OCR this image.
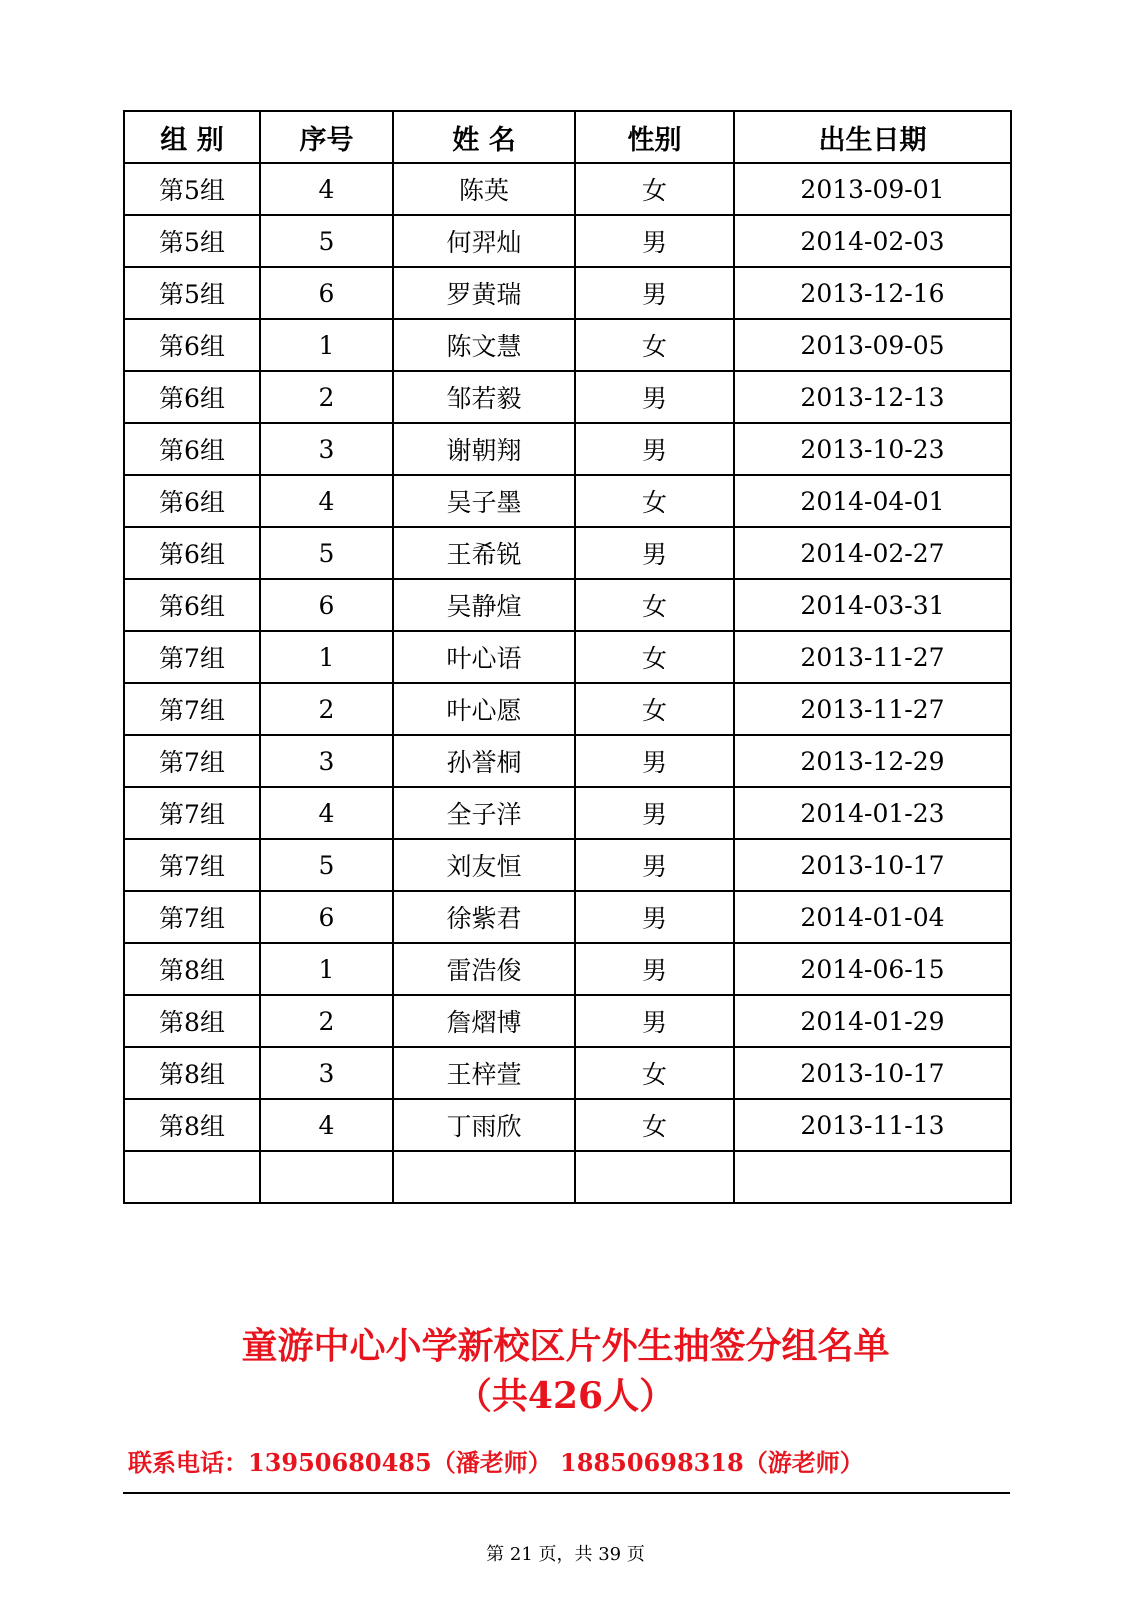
组 别	序号	姓 名	性别	出生日期
第5组	4	陈英	女	2013-09-01
第5组	5	何羿灿	男	2014-02-03
第5组	6	罗黄瑞	男	2013-12-16
第6组	1	陈文慧	女	2013-09-05
第6组	2	邹若毅	男	2013-12-13
第6组	3	谢朝翔	男	2013-10-23
第6组	4	吴子墨	女	2014-04-01
第6组	5	王希锐	男	2014-02-27
第6组	6	吴静煊	女	2014-03-31
第7组	1	叶心语	女	2013-11-27
第7组	2	叶心愿	女	2013-11-27
第7组	3	孙誉桐	男	2013-12-29
第7组	4	全子洋	男	2014-01-23
第7组	5	刘友恒	男	2013-10-17
第7组	6	徐紫君	男	2014-01-04
第8组	1	雷浩俊	男	2014-06-15
第8组	2	詹熠博	男	2014-01-29
第8组	3	王梓萱	女	2013-10-17
第8组	4	丁雨欣	女	2013-11-13

童游中心小学新校区片外生抽签分组名单
（共426人）
联系电话：13950680485（潘老师） 18850698318（游老师）
第 21 页，共 39 页
